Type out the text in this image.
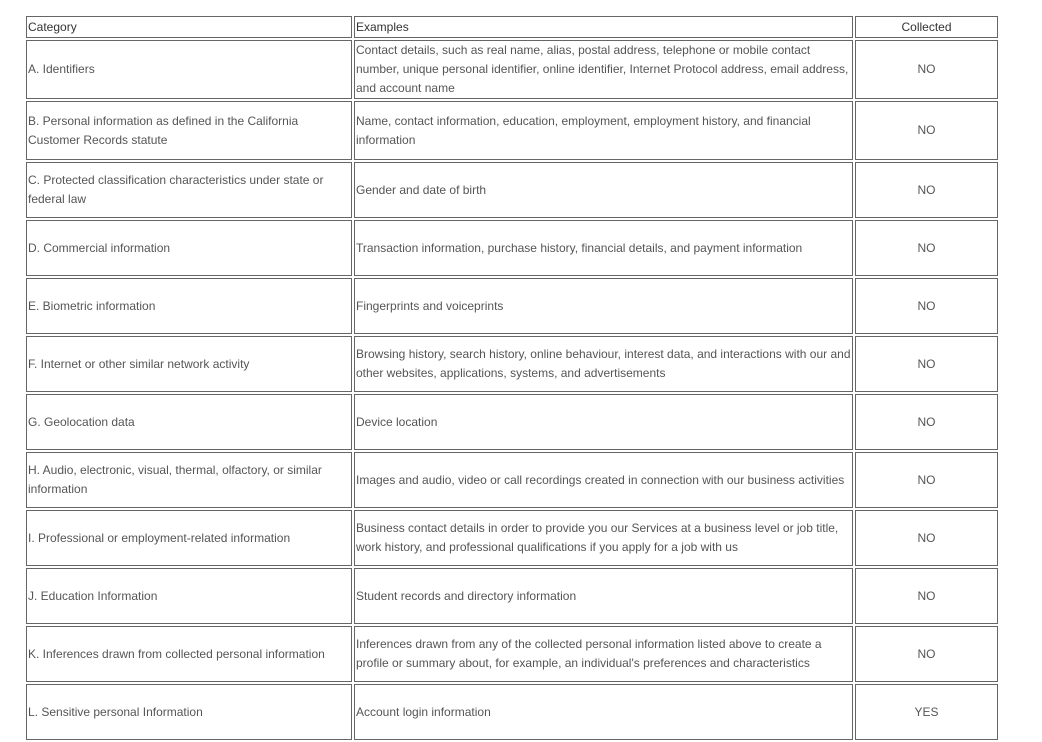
Category	Examples	Collected
A. Identifiers	Contact details, such as real name, alias, postal address, telephone or mobile contact number, unique personal identifier, online identifier, Internet Protocol address, email address, and account name	NO
B. Personal information as defined in the California Customer Records statute	Name, contact information, education, employment, employment history, and financial information	NO
C. Protected classification characteristics under state or federal law	Gender and date of birth	NO
D. Commercial information	Transaction information, purchase history, financial details, and payment information	NO
E. Biometric information	Fingerprints and voiceprints	NO
F. Internet or other similar network activity	Browsing history, search history, online behaviour, interest data, and interactions with our and other websites, applications, systems, and advertisements	NO
G. Geolocation data	Device location	NO
H. Audio, electronic, visual, thermal, olfactory, or similar information	Images and audio, video or call recordings created in connection with our business activities	NO
I. Professional or employment-related information	Business contact details in order to provide you our Services at a business level or job title, work history, and professional qualifications if you apply for a job with us	NO
J. Education Information	Student records and directory information	NO
K. Inferences drawn from collected personal information	Inferences drawn from any of the collected personal information listed above to create a profile or summary about, for example, an individual's preferences and characteristics	NO
L. Sensitive personal Information	Account login information	YES
